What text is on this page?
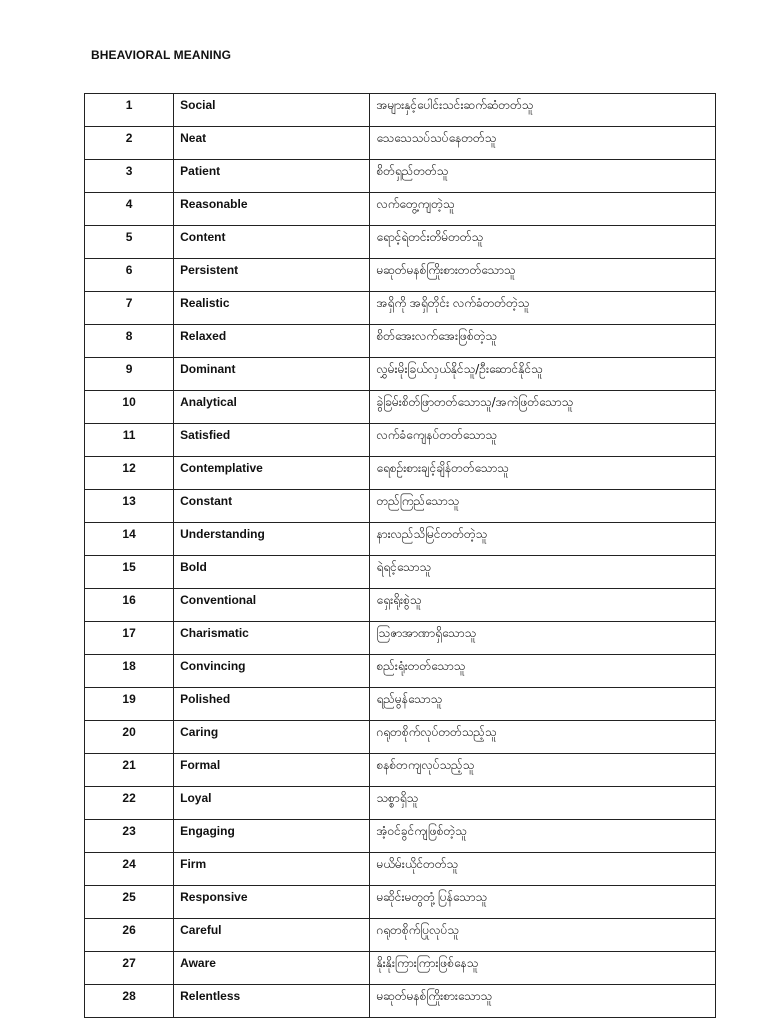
BHEAVIORAL MEANING
1	Social	အများနှင့်ပေါင်းသင်းဆက်ဆံတတ်သူ
2	Neat	သေသေသပ်သပ်နေတတ်သူ
3	Patient	စိတ်ရှည်တတ်သူ
4	Reasonable	လက်တွေ့ကျတဲ့သူ
5	Content	ရောင့်ရဲတင်းတိမ်တတ်သူ
6	Persistent	မဆုတ်မနစ်ကြိုးစားတတ်သောသူ
7	Realistic	အရှိကို အရှိတိုင်း လက်ခံတတ်တဲ့သူ
8	Relaxed	စိတ်အေးလက်အေးဖြစ်တဲ့သူ
9	Dominant	လွှမ်းမိုးခြယ်လှယ်နိုင်သူ/ဦးဆောင်နိုင်သူ
10	Analytical	ခွဲခြမ်းစိတ်ဖြာတတ်သောသူ/အကဲဖြတ်သောသူ
11	Satisfied	လက်ခံကျေနပ်တတ်သောသူ
12	Contemplative	ရေစဉ်းစားချင့်ချိန်တတ်သောသူ
13	Constant	တည်ကြည်သောသူ
14	Understanding	နားလည်သိမြင်တတ်တဲ့သူ
15	Bold	ရဲရင့်သောသူ
16	Conventional	ရှေးရိုးစွဲသူ
17	Charismatic	သြဇာအာဏာရှိသောသူ
18	Convincing	စည်းရုံးတတ်သောသူ
19	Polished	ရည်မွန်သောသူ
20	Caring	ဂရုတစိုက်လုပ်တတ်သည့်သူ
21	Formal	စနစ်တကျလုပ်သည့်သူ
22	Loyal	သစ္စာရှိသူ
23	Engaging	အံ့ဝင်ခွင်ကျဖြစ်တဲ့သူ
24	Firm	မယိမ်းယိုင်တတ်သူ
25	Responsive	မဆိုင်းမတွတုံ့ပြန်သောသူ
26	Careful	ဂရုတစိုက်ပြုလုပ်သူ
27	Aware	နိုးနိုးကြားကြားဖြစ်နေသူ
28	Relentless	မဆုတ်မနစ်ကြိုးစားသောသူ
